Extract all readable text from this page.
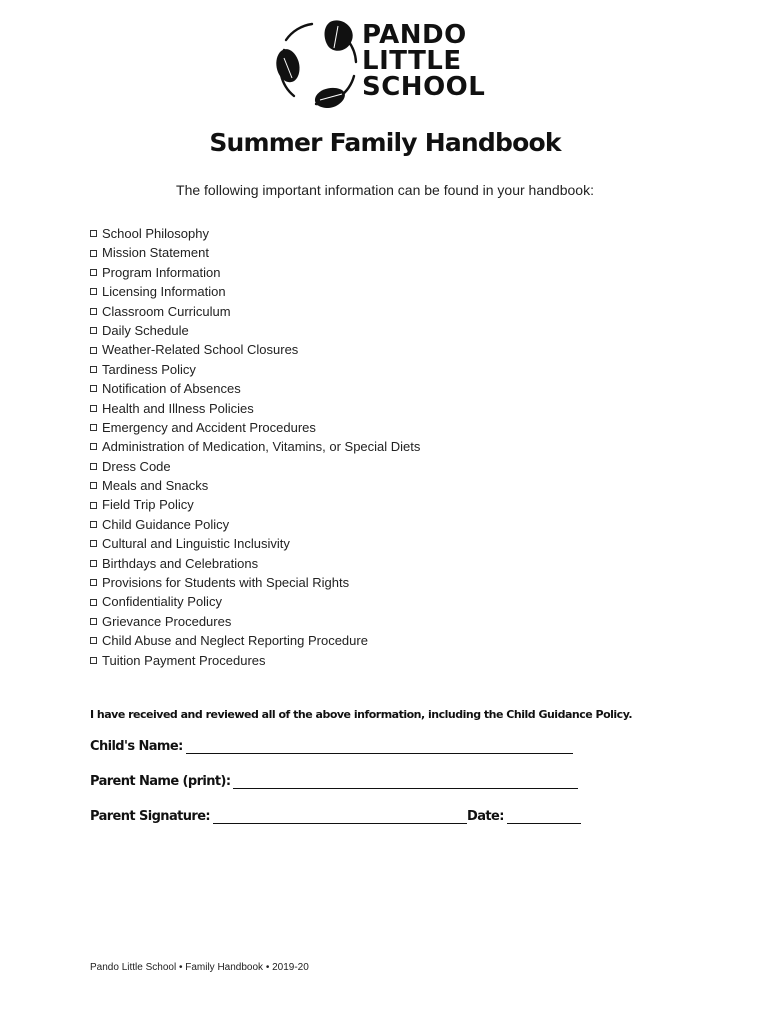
PANDO
LITTLE
SCHOOL
Summer Family Handbook
The following important information can be found in your handbook:
School Philosophy
Mission Statement
Program Information
Licensing Information
Classroom Curriculum
Daily Schedule
Weather-Related School Closures
Tardiness Policy
Notification of Absences
Health and Illness Policies
Emergency and Accident Procedures
Administration of Medication, Vitamins, or Special Diets
Dress Code
Meals and Snacks
Field Trip Policy
Child Guidance Policy
Cultural and Linguistic Inclusivity
Birthdays and Celebrations
Provisions for Students with Special Rights
Confidentiality Policy
Grievance Procedures
Child Abuse and Neglect Reporting Procedure
Tuition Payment Procedures
I have received and reviewed all of the above information, including the Child Guidance Policy.
Child's Name:
Parent Name (print):
Parent Signature:	Date:
Pando Little School • Family Handbook • 2019-20
